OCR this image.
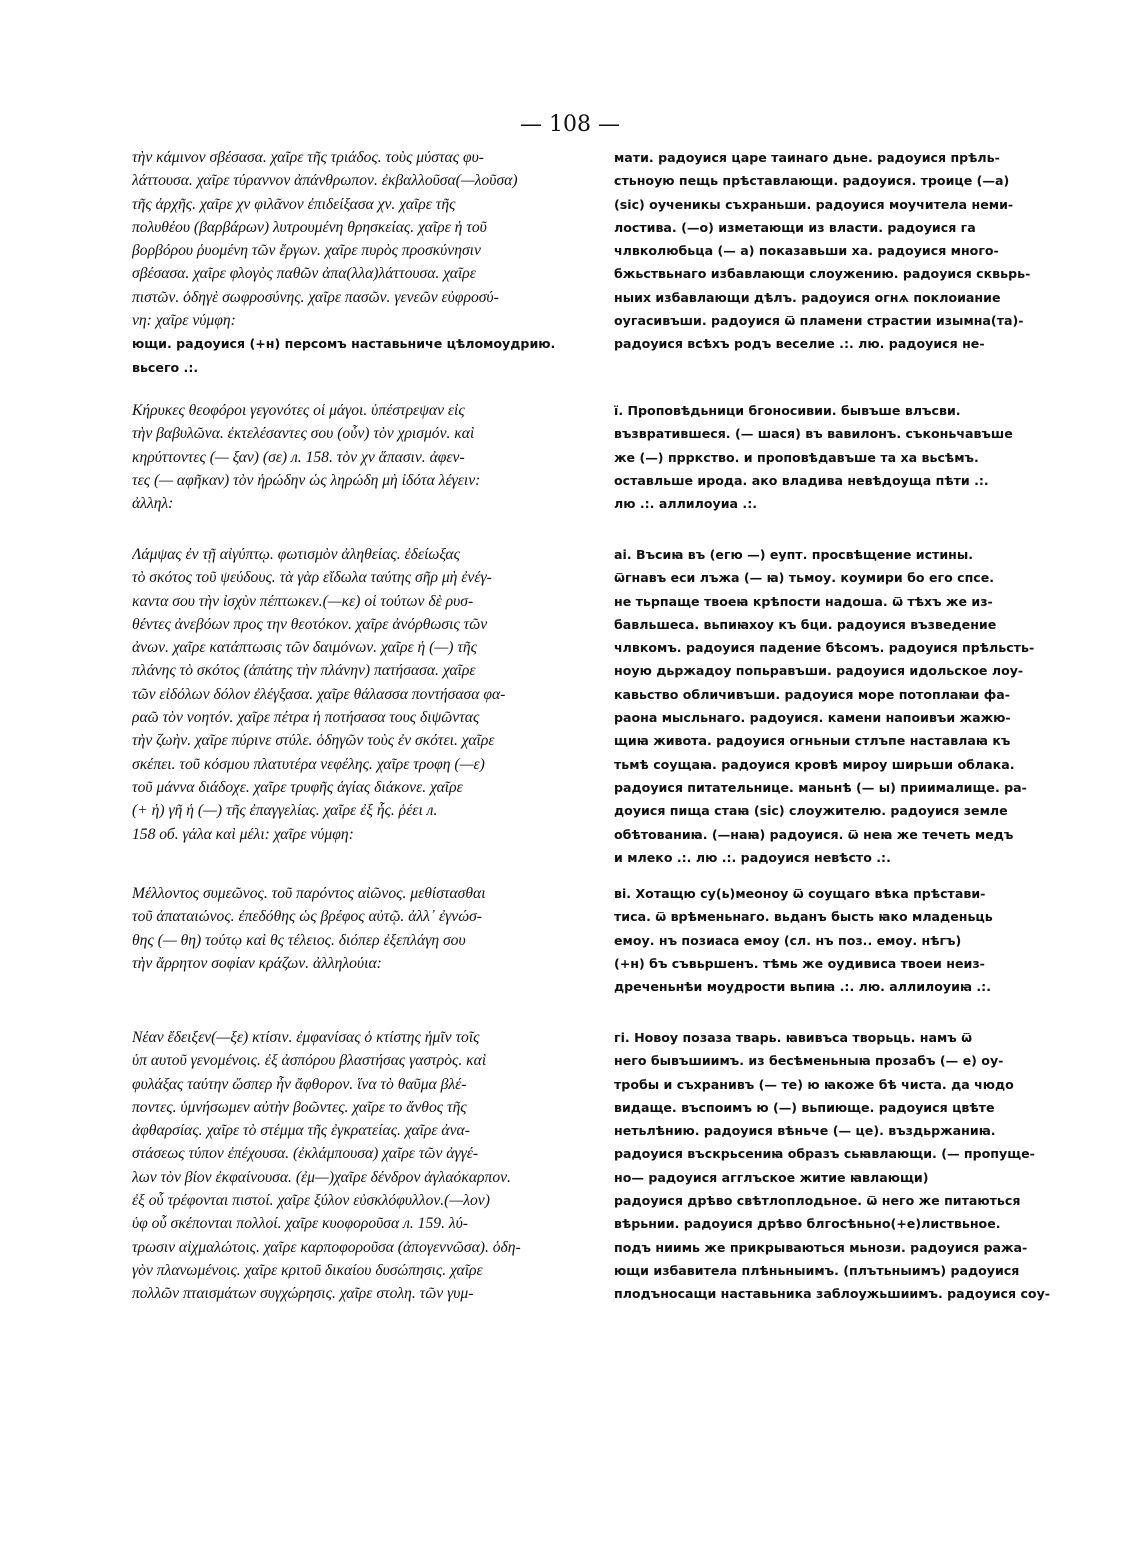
— 108 —
τὴν κάμινον σβέσασα. χαῖρε τῆς τριάδος. τοὺς μύστας φυ-
λάττουσα. χαῖρε τύραννον ἀπάνθρωπον. ἐκβαλλοῦσα(—λοῦσα)
τῆς ἀρχῆς. χαῖρε χν φιλᾶνον ἐπιδείξασα χν. χαῖρε τῆς
πολυθέου (βαρβάρων) λυτρουμένη θρησκείας. χαῖρε ἡ τοῦ
βορβόρου ῥυομένη τῶν ἔργων. χαῖρε πυρὸς προσκύνησιν
σβέσασα. χαῖρε φλογὸς παθῶν ἀπα(λλα)λάττουσα. χαῖρε
πιστῶν. ὁδηγὲ σωφροσύνης. χαῖρε πασῶν. γενεῶν εὐφροσύ-
νη: χαῖρε νύμφη:
ющи. радоуися (+н) персомъ наставьниче цѣломоудрию.
вьсего .:.
Κήρυκες θεοφόροι γεγονότες οἱ μάγοι. ὑπέστρεψαν εἰς
τὴν βαβυλῶνα. ἐκτελέσαντες σου (οὖν) τὸν χρισμόν. καὶ
κηρύττοντες (— ξαν) (σε) л. 158. τὸν χν ἅπασιν. ἀφεν-
τες (— αφῆκαν) τὸν ἡρώδην ὡς ληρώδη μὴ ἰδότα λέγειν:
ἀλληλ:
Λάμψας ἐν τῇ αἰγύπτῳ. φωτισμὸν ἀληθείας. ἐδείωξας
τὸ σκότος τοῦ ψεύδους. τὰ γὰρ εἴδωλα ταύτης σῆρ μὴ ἐνέγ-
καντα σου τὴν ἰσχὺν πέπτωκεν.(—κε) οἱ τούτων δὲ ρυσ-
θέντες ἀνεβόων προς την θεοτόκον. χαῖρε ἀνόρθωσις τῶν
ἀνων. χαῖρε κατάπτωσις τῶν δαιμόνων. χαῖρε ἡ (—) τῆς
πλάνης τὸ σκότος (ἀπάτης τὴν πλάνην) πατήσασα. χαῖρε
τῶν εἰδόλων δόλον ἐλέγξασα. χαῖρε θάλασσα ποντήσασα φα-
ραῶ τὸν νοητόν. χαῖρε πέτρα ἡ ποτήσασα τους διψῶντας
τὴν ζωὴν. χαῖρε πύρινε στύλε. ὁδηγῶν τοὺς ἐν σκότει. χαῖρε
σκέπει. τοῦ κόσμου πλατυτέρα νεφέλης. χαῖρε τροφη (—ε)
τοῦ μάννα διάδοχε. χαῖρε τρυφῆς ἁγίας διάκονε. χαῖρε
(+ ἡ) γῆ ἡ (—) τῆς ἐπαγγελίας. χαῖρε ἐξ ἧς. ῥέει л.
158 об. γάλα καὶ μέλι: χαῖρε νύμφη:
Μέλλοντος συμεῶνος. τοῦ παρόντος αἰῶνος. μεθίστασθαι
τοῦ ἀπαταιώνος. ἐπεδόθης ὡς βρέφος αὐτῷ. ἀλλ᾽ ἐγνώσ-
θης (— θη) τούτῳ καὶ θς τέλειος. διόπερ ἐξεπλάγη σου
τὴν ἄρρητον σοφίαν κράζων. ἀλληλούια:
Νέαν ἔδειξεν(—ξε) κτίσιν. ἐμφανίσας ὁ κτίστης ἡμῖν τοῖς
ὑπ αυτοῦ γενομένοις. ἐξ ἀσπόρου βλαστήσας γαστρὸς. καὶ
φυλάξας ταύτην ὥσπερ ἦν ἄφθορον. ἵνα τὸ θαῦμα βλέ-
ποντες. ὑμνήσωμεν αὐτὴν βοῶντες. χαῖρε το ἄνθος τῆς
ἀφθαρσίας. χαῖρε τὸ στέμμα τῆς ἐγκρατείας. χαῖρε ἀνα-
στάσεως τύπον ἐπέχουσα. (ἐκλάμπουσα) χαῖρε τῶν ἀγγέ-
λων τὸν βίον ἐκφαίνουσα. (ἐμ—)χαῖρε δένδρον ἀγλαόκαρπον.
ἐξ οὗ τρέφονται πιστοί. χαῖρε ξύλον εὐσκλόφυλλον.(—λον)
ὑφ οὗ σκέπονται πολλοί. χαῖρε κυοφοροῦσα л. 159. λύ-
τρωσιν αἰχμαλώτοις. χαῖρε καρποφοροῦσα (ἀπογεννῶσα). ὁδη-
γὸν πλανωμένοις. χαῖρε κριτοῦ δικαίου δυσώπησις. χαῖρε
πολλῶν πταισμάτων συγχώρησις. χαῖρε στολη. τῶν γυμ-
мати. радоуися царе таинаго дьне. радоуися прѣль-
стьноую пещь прѣставлающи. радоуися. троице (—а)
(sic) оученикы съхраньши. радоуися моучитела неми-
лостива. (—о) изметающи из власти. радоуися га
члвколюбьца (— а) показавьши ха. радоуися много-
бжьствьнаго избавлающи слоужению. радоуися сквьрь-
ныих избавлающи дѣлъ. радоуися огнѧ поклоиание
оугасивъши. радоуися ѿ пламени страстии изымна(та)-
радоуися всѣхъ родъ веселие .:. лю. радоуися не-
ї. Проповѣдьници бгоносивии. бывъше влъсви.
възвратившеся. (— шася) въ вавилонъ. съконьчавъше
же (—) прркство. и проповѣдавъше та ха вьсѣмъ.
оставльше ирода. ако владива невѣдоуща пѣти .:.
лю .:. аллилоуиа .:.
аі. Въсиꙗ въ (егю —) еупт. просвѣщение истины.
ѿгнавъ еси лъжа (— ꙗ) тьмоу. коумири бо его спсе.
не тьрпаще твоеꙗ крѣпости надоша. ѿ тѣхъ же из-
бавльшеса. вьпиꙗхоу къ бци. радоуися възведение
члвкомъ. радоуися падение бѣсомъ. радоуися прѣльсть-
ноую дьржадоу попьравъши. радоуися идольское лоу-
кавьство обличивъши. радоуися море потоплаꙗи фа-
раона мысльнаго. радоуися. камени напоивъи жажю-
щиꙗ живота. радоуися огньныи стлъпе наставлаꙗ къ
тьмѣ соущаꙗ. радоуися кровѣ мироу ширьши облака.
радоуися питательнице. маньнѣ (— ы) приималище. ра-
доуися пища стаꙗ (sic) слоужителю. радоуися земле
обѣтованиꙗ. (—наꙗ) радоуися. ѿ неꙗ же течеть медъ
и млеко .:. лю .:. радоуися невѣсто .:.
ві. Хотащю су(ь)меоноу ѿ соущаго вѣка прѣстави-
тиса. ѿ врѣменьнаго. вьданъ бысть ꙗко младеньць
емоу. нъ позиаса емоу (сл. нъ поз.. емоу. нѣгъ)
(+н) бъ съвьршенъ. тѣмь же оудивиса твоеи неиз-
дреченьнѣи моудрости вьпиꙗ .:. лю. аллилоуиꙗ .:.
гі. Новоу позаза тварь. ꙗвивъса творьць. намъ ѿ
него бывъшиимъ. из бесѣменьныꙗ прозабъ (— е) оу-
тробы и съхранивъ (— те) ю ꙗкоже бѣ чиста. да чюдо
видаще. въспоимъ ю (—) вьпиюще. радоуися цвѣте
нетьлѣнию. радоуися вѣньче (— це). въздьржаниꙗ.
радоуися въскрьсениꙗ образъ сьꙗвлающи. (— пропуще-
но— радоуися агглъское житие ꙗвлающи)
радоуися дрѣво свѣтлоплодьное. ѿ него же питаються
вѣрьнии. радоуися дрѣво блгосѣньно(+е)листвьное.
подъ ниимь же прикрываються мьнози. радоуися ража-
ющи избавитела плѣньныимъ. (плътьныимъ) радоуися
плодъносащи наставьника заблоужьшиимъ. радоуися соу-
